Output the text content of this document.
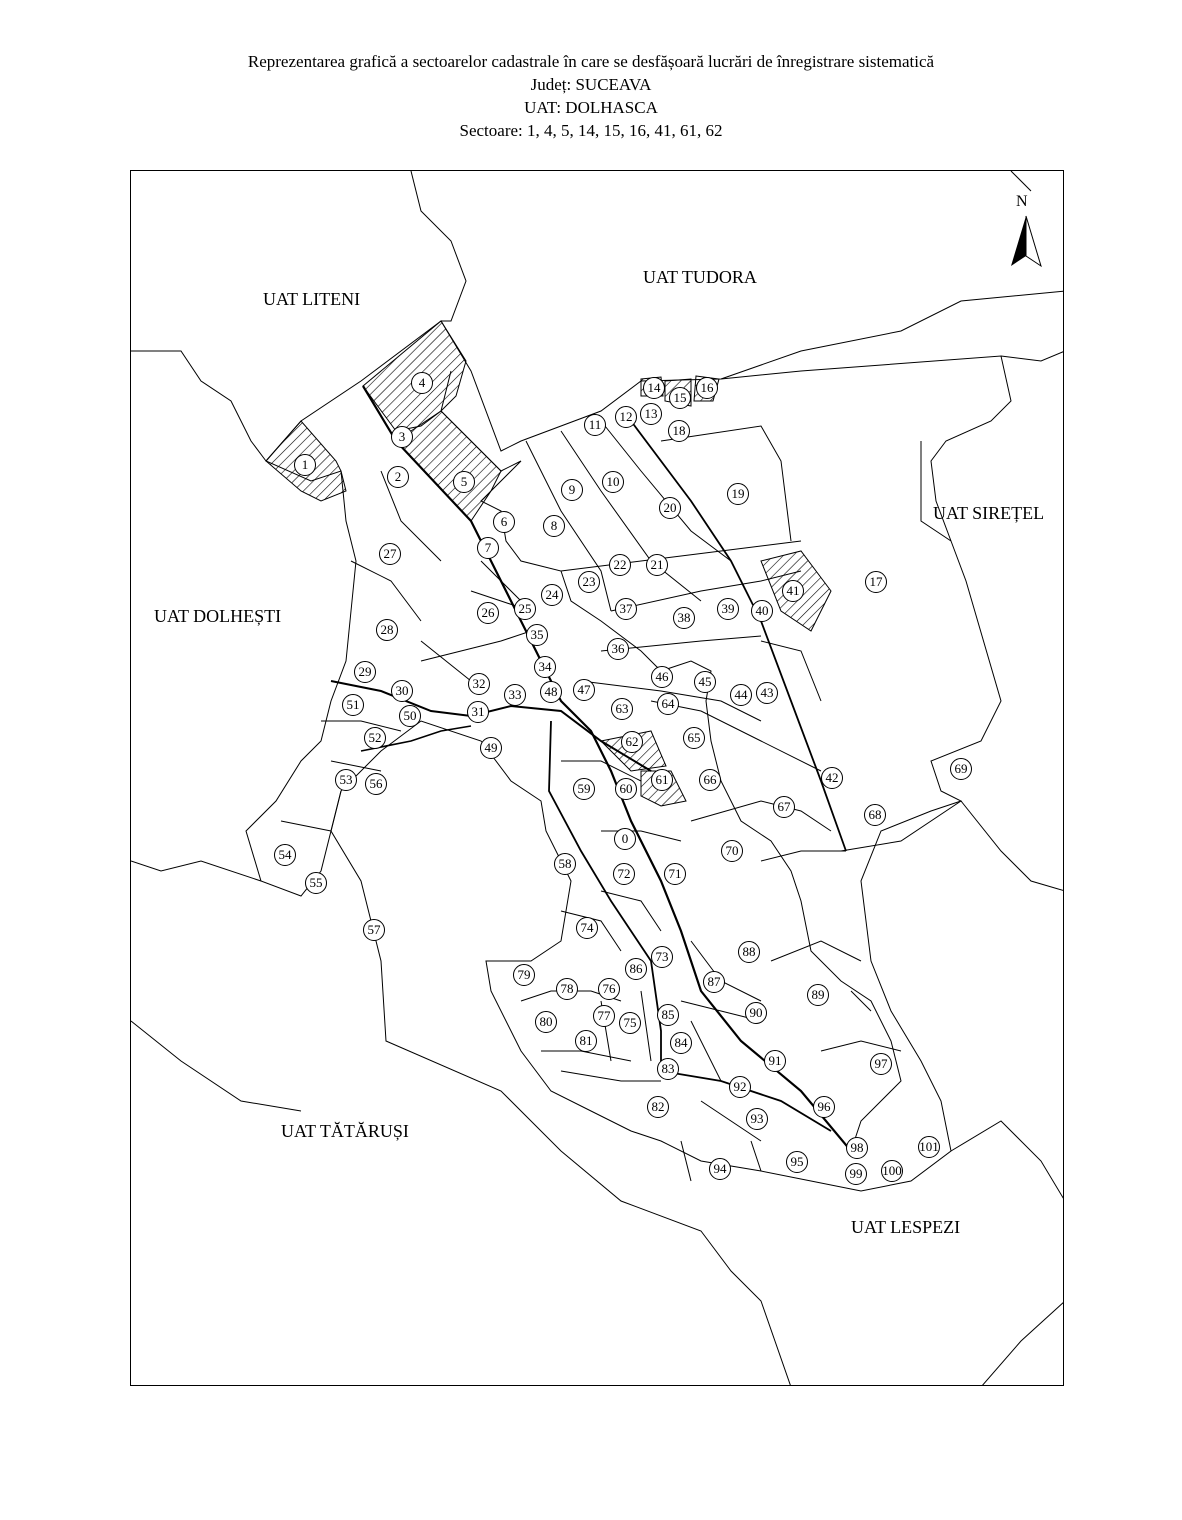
Reprezentarea grafică a sectoarelor cadastrale în care se desfășoară lucrări de înregistrare sistematică
Județ: SUCEAVA
UAT: DOLHASCA
Sectoare: 1, 4, 5, 14, 15, 16, 41, 61, 62
N
UAT LITENI
UAT TUDORA
UAT SIREȚEL
UAT DOLHEȘTI
UAT TĂTĂRUȘI
UAT LESPEZI
0
1
2
3
4
5
6
7
8
9
10
11
12 13
14
15
16
17
18
19
20
21
22
23
24
25
26
27
28
29
30
31
32
33
34
35
36
37
38
39	40
41
42
43
44
45
46
47
48
49
50
51
52
53
54
55
56
57
58
59	60
61
62
63	64
65
66
67
68
69
70
71
72
73
74
75
76
77
78
79
80
81
82
83
84
85
86
87
88
89
90
91
92
93
94	95
96
97
98
99	100
101
